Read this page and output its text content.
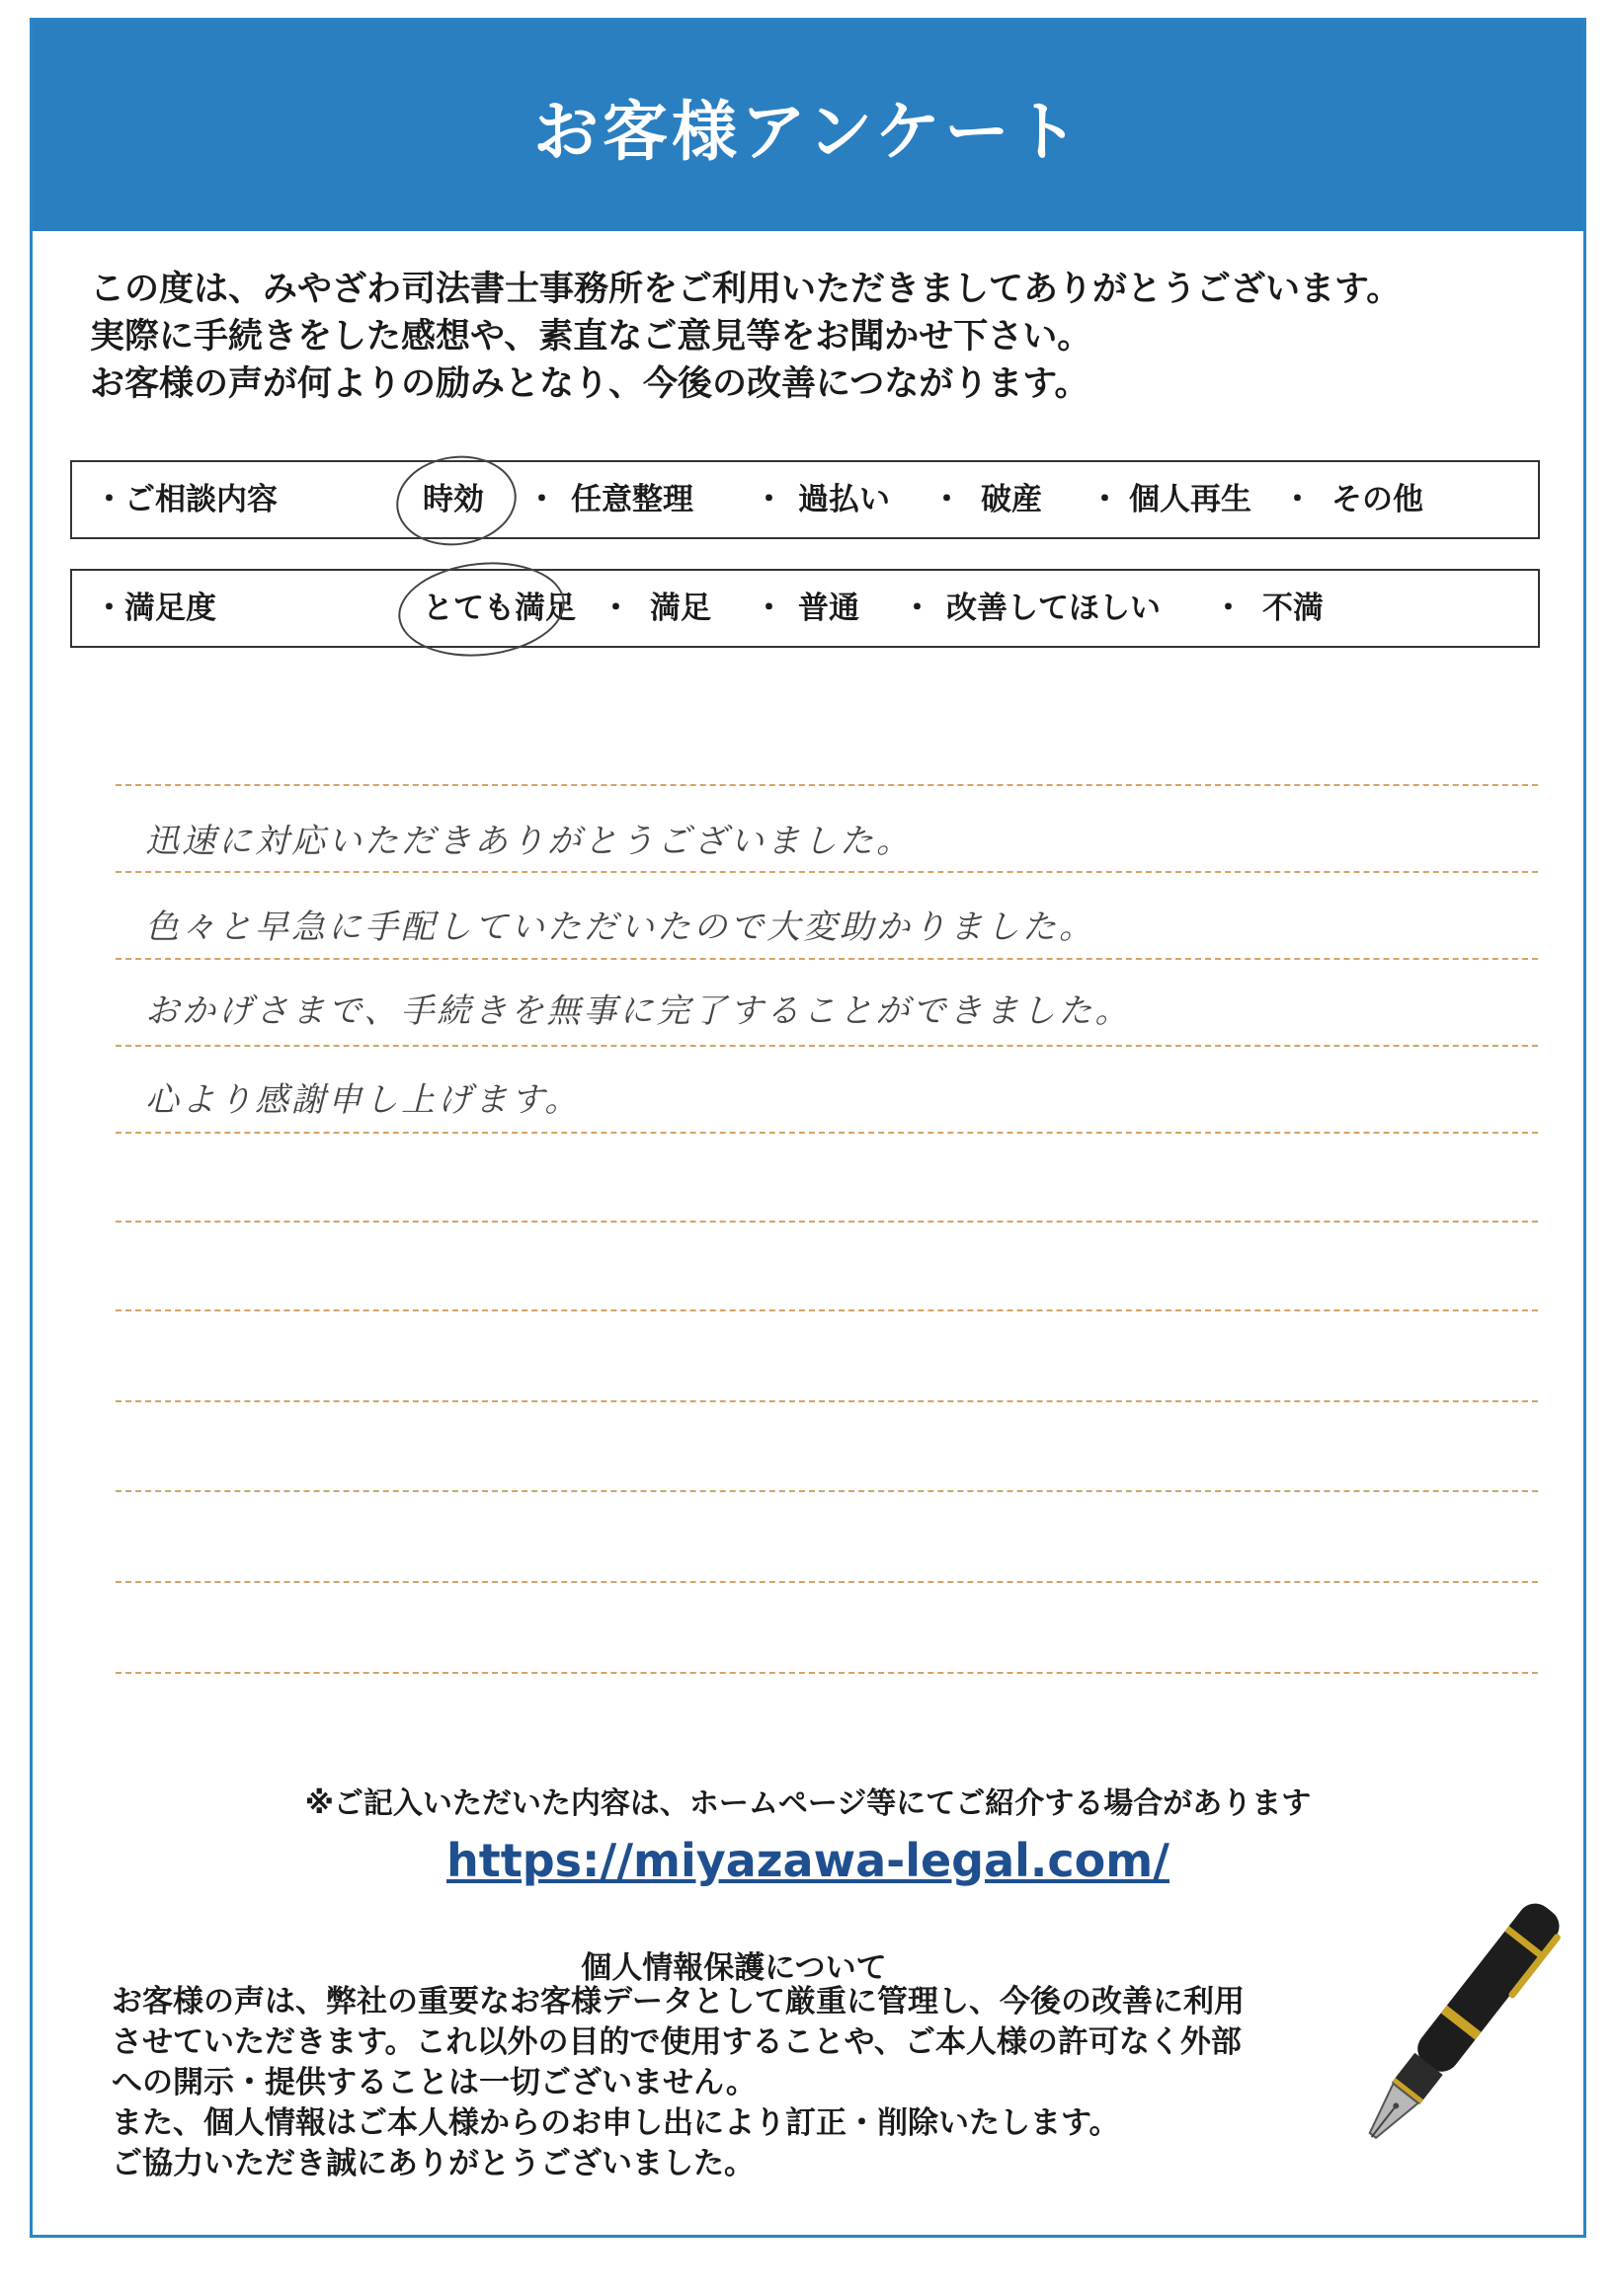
お客様アンケート
この度は、みやざわ司法書士事務所をご利用いただきましてありがとうございます。
実際に手続きをした感想や、素直なご意見等をお聞かせ下さい。
お客様の声が何よりの励みとなり、今後の改善につながります。
・ご相談内容	時効 ・ 任意整理 ・ 過払い ・ 破産 ・ 個人再生 ・ その他
・満足度	とても満足 ・ 満足 ・ 普通 ・ 改善してほしい ・ 不満
迅速に対応いただきありがとうございました。
色々と早急に手配していただいたので大変助かりました。
おかげさまで、手続きを無事に完了することができました。
心より感謝申し上げます。
※ご記入いただいた内容は、ホームページ等にてご紹介する場合があります
https://miyazawa-legal.com/
個人情報保護について
お客様の声は、弊社の重要なお客様データとして厳重に管理し、今後の改善に利用
させていただきます。これ以外の目的で使用することや、ご本人様の許可なく外部
への開示・提供することは一切ございません。
また、個人情報はご本人様からのお申し出により訂正・削除いたします。
ご協力いただき誠にありがとうございました。
